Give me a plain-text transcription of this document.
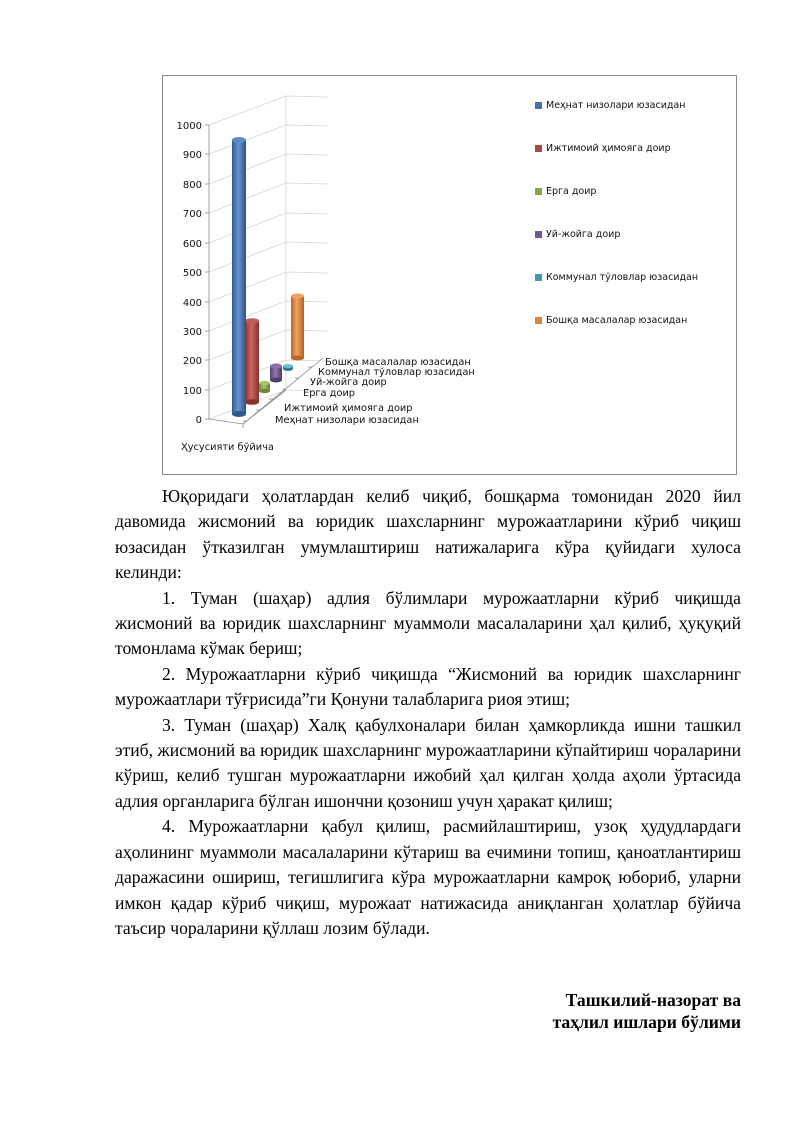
1000
900
800
700
600
500
400
300
200
100
0
Бошқа масалалар юзасидан
Коммунал тўловлар юзасидан
Уй-жойга доир
Ерга доир
Ижтимоий ҳимояга доир
Меҳнат низолари юзасидан
Ҳусусияти бўйича
Меҳнат низолари юзасидан
Ижтимоий ҳимояга доир
Ерга доир
Уй-жойга доир
Коммунал тўловлар юзасидан
Бошқа масалалар юзасидан

Юқоридаги ҳолатлардан келиб чиқиб, бошқарма томонидан 2020 йил давомида жисмоний ва юридик шахсларнинг мурожаатларини кўриб чиқиш юзасидан ўтказилган умумлаштириш натижаларига кўра қуйидаги хулоса келинди:

1. Туман (шаҳар) адлия бўлимлари мурожаатларни кўриб чиқишда жисмоний ва юридик шахсларнинг муаммоли масалаларини ҳал қилиб, ҳуқуқий томонлама кўмак бериш;

2. Мурожаатларни кўриб чиқишда “Жисмоний ва юридик шахсларнинг мурожаатлари тўғрисида”ги Қонуни талабларига риоя этиш;

3. Туман (шаҳар) Халқ қабулхоналари билан ҳамкорликда ишни ташкил этиб, жисмоний ва юридик шахсларнинг мурожаатларини кўпайтириш чораларини кўриш, келиб тушган мурожаатларни ижобий ҳал қилган ҳолда аҳоли ўртасида адлия органларига бўлган ишончни қозониш учун ҳаракат қилиш;

4. Мурожаатларни қабул қилиш, расмийлаштириш, узоқ ҳудудлардаги аҳолининг муаммоли масалаларини кўтариш ва ечимини топиш, қаноатлантириш даражасини ошириш, тегишлигига кўра мурожаатларни камроқ юбориб, уларни имкон қадар кўриб чиқиш, мурожаат натижасида аниқланган ҳолатлар бўйича таъсир чораларини қўллаш лозим бўлади.

Ташкилий-назорат ва
таҳлил ишлари бўлими
